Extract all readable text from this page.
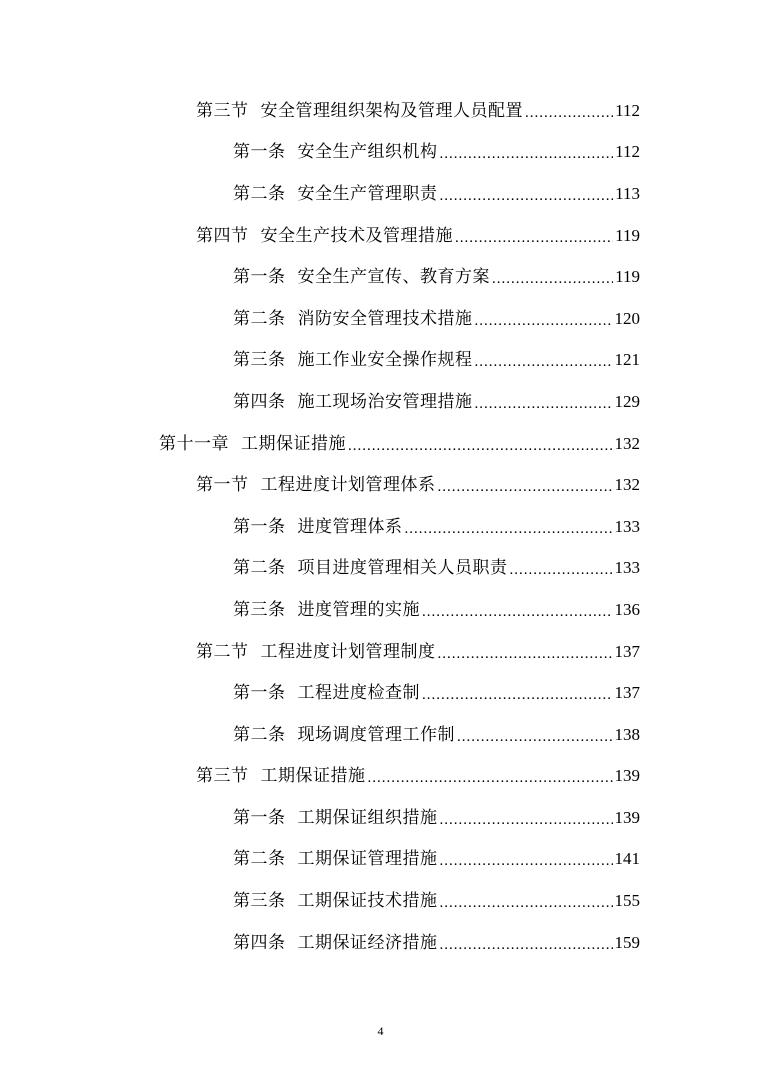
第三节 安全管理组织架构及管理人员配置 .....	112
第一条 安全生产组织机构 .....	112
第二条 安全生产管理职责 .....	113
第四节 安全生产技术及管理措施 .....	119
第一条 安全生产宣传、教育方案 .....	119
第二条 消防安全管理技术措施 .....	120
第三条 施工作业安全操作规程 .....	121
第四条 施工现场治安管理措施 .....	129
第十一章 工期保证措施 .....	132
第一节 工程进度计划管理体系 .....	132
第一条 进度管理体系 .....	133
第二条 项目进度管理相关人员职责 .....	133
第三条 进度管理的实施 .....	136
第二节 工程进度计划管理制度 .....	137
第一条 工程进度检查制 .....	137
第二条 现场调度管理工作制 .....	138
第三节 工期保证措施 .....	139
第一条 工期保证组织措施 .....	139
第二条 工期保证管理措施 .....	141
第三条 工期保证技术措施 .....	155
第四条 工期保证经济措施 .....	159
4
